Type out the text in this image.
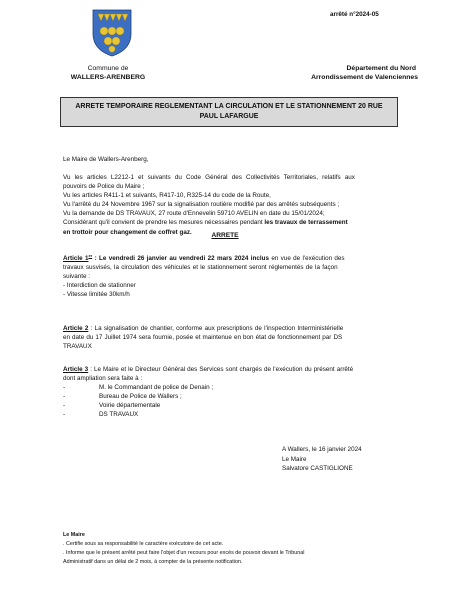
arrêté n°2024-05
Commune de
WALLERS-ARENBERG
Département du Nord
Arrondissement de Valenciennes
ARRETE TEMPORAIRE REGLEMENTANT LA CIRCULATION ET LE STATIONNEMENT 20 RUE
PAUL LAFARGUE
Le Maire de Wallers-Arenberg,
Vu les articles L2212-1 et suivants du Code Général des Collectivités Territoriales, relatifs aux
pouvoirs de Police du Maire ;
Vu les articles R411-1 et suivants, R417-10, R325-14 du code de la Route,
Vu l'arrêté du 24 Novembre 1967 sur la signalisation routière modifié par des arrêtés subséquents ;
Vu la demande de DS TRAVAUX, 27 route d'Ennevelin 59710 AVELIN en date du 15/01/2024;
Considérant qu'il convient de prendre les mesures nécessaires pendant les travaux de terrassement
en trottoir pour changement de coffret gaz.	ARRETE
Article 1er : Le vendredi 26 janvier au vendredi 22 mars 2024 inclus en vue de l'exécution des
travaux susvisés, la circulation des véhicules et le stationnement seront réglementés de la façon
suivante :
- Interdiction de stationner
- Vitesse limitée 30km/h
Article 2 : La signalisation de chantier, conforme aux prescriptions de l'inspection Interministérielle
en date du 17 Juillet 1974 sera fournie, posée et maintenue en bon état de fonctionnement par DS
TRAVAUX
Article 3 : Le Maire et le Directeur Général des Services sont chargés de l'exécution du présent arrêté
dont ampliation sera faite à :
-	M. le Commandant de police de Denain ;
-	Bureau de Police de Wallers ;
-	Voirie départementale
-	DS TRAVAUX
A Wallers, le 16 janvier 2024
Le Maire
Salvatore CASTIGLIONE
Le Maire
. Certifie sous sa responsabilité le caractère exécutoire de cet acte.
. Informe que le présent arrêté peut faire l'objet d'un recours pour excès de pouvoir devant le Tribunal
Administratif dans un délai de 2 mois, à compter de la présente notification.
